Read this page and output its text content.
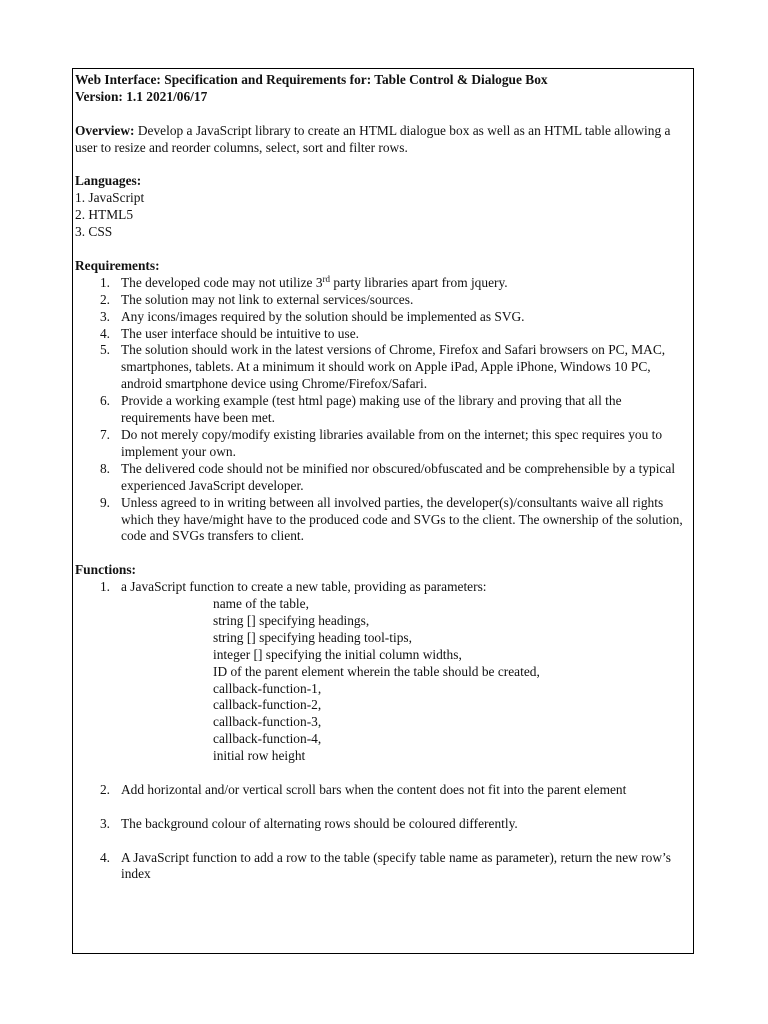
Web Interface: Specification and Requirements for: Table Control & Dialogue Box

Version: 1.1 2021/06/17

Overview: Develop a JavaScript library to create an HTML dialogue box as well as an HTML table allowing a user to resize and reorder columns, select, sort and filter rows.

Languages:

1. JavaScript
2. HTML5
3. CSS

Requirements:

1. The developed code may not utilize 3rd party libraries apart from jquery.
2. The solution may not link to external services/sources.
3. Any icons/images required by the solution should be implemented as SVG.
4. The user interface should be intuitive to use.
5. The solution should work in the latest versions of Chrome, Firefox and Safari browsers on PC, MAC, smartphones, tablets. At a minimum it should work on Apple iPad, Apple iPhone, Windows 10 PC, android smartphone device using Chrome/Firefox/Safari.
6. Provide a working example (test html page) making use of the library and proving that all the requirements have been met.
7. Do not merely copy/modify existing libraries available from on the internet; this spec requires you to implement your own.
8. The delivered code should not be minified nor obscured/obfuscated and be comprehensible by a typical experienced JavaScript developer.
9. Unless agreed to in writing between all involved parties, the developer(s)/consultants waive all rights which they have/might have to the produced code and SVGs to the client. The ownership of the solution, code and SVGs transfers to client.

Functions:

1. a JavaScript function to create a new table, providing as parameters:
name of the table,
string [] specifying headings,
string [] specifying heading tool-tips,
integer [] specifying the initial column widths,
ID of the parent element wherein the table should be created,
callback-function-1,
callback-function-2,
callback-function-3,
callback-function-4,
initial row height
2. Add horizontal and/or vertical scroll bars when the content does not fit into the parent element
3. The background colour of alternating rows should be coloured differently.
4. A JavaScript function to add a row to the table (specify table name as parameter), return the new row’s index
